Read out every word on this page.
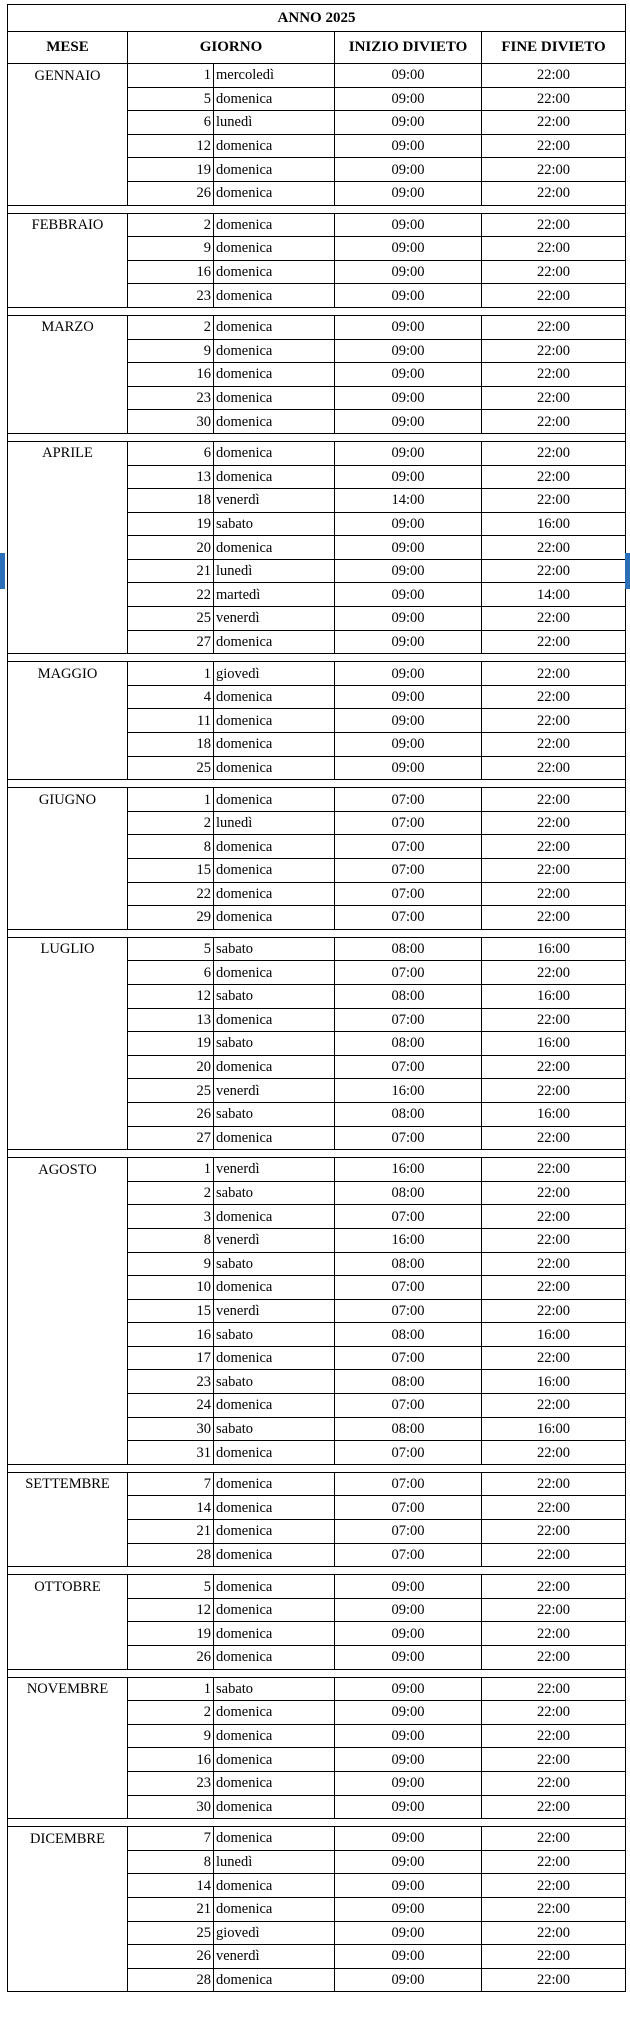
ANNO 2025				
MESE	GIORNO		INIZIO DIVIETO	FINE DIVIETO
GENNAIO	1	mercoledì	09:00	22:00
	5	domenica	09:00	22:00
	6	lunedì	09:00	22:00
	12	domenica	09:00	22:00
	19	domenica	09:00	22:00
	26	domenica	09:00	22:00

FEBBRAIO	2	domenica	09:00	22:00
	9	domenica	09:00	22:00
	16	domenica	09:00	22:00
	23	domenica	09:00	22:00

MARZO	2	domenica	09:00	22:00
	9	domenica	09:00	22:00
	16	domenica	09:00	22:00
	23	domenica	09:00	22:00
	30	domenica	09:00	22:00

APRILE	6	domenica	09:00	22:00
	13	domenica	09:00	22:00
	18	venerdì	14:00	22:00
	19	sabato	09:00	16:00
	20	domenica	09:00	22:00
	21	lunedì	09:00	22:00
	22	martedì	09:00	14:00
	25	venerdì	09:00	22:00
	27	domenica	09:00	22:00

MAGGIO	1	giovedì	09:00	22:00
	4	domenica	09:00	22:00
	11	domenica	09:00	22:00
	18	domenica	09:00	22:00
	25	domenica	09:00	22:00

GIUGNO	1	domenica	07:00	22:00
	2	lunedì	07:00	22:00
	8	domenica	07:00	22:00
	15	domenica	07:00	22:00
	22	domenica	07:00	22:00
	29	domenica	07:00	22:00

LUGLIO	5	sabato	08:00	16:00
	6	domenica	07:00	22:00
	12	sabato	08:00	16:00
	13	domenica	07:00	22:00
	19	sabato	08:00	16:00
	20	domenica	07:00	22:00
	25	venerdì	16:00	22:00
	26	sabato	08:00	16:00
	27	domenica	07:00	22:00

AGOSTO	1	venerdì	16:00	22:00
	2	sabato	08:00	22:00
	3	domenica	07:00	22:00
	8	venerdì	16:00	22:00
	9	sabato	08:00	22:00
	10	domenica	07:00	22:00
	15	venerdì	07:00	22:00
	16	sabato	08:00	16:00
	17	domenica	07:00	22:00
	23	sabato	08:00	16:00
	24	domenica	07:00	22:00
	30	sabato	08:00	16:00
	31	domenica	07:00	22:00

SETTEMBRE	7	domenica	07:00	22:00
	14	domenica	07:00	22:00
	21	domenica	07:00	22:00
	28	domenica	07:00	22:00

OTTOBRE	5	domenica	09:00	22:00
	12	domenica	09:00	22:00
	19	domenica	09:00	22:00
	26	domenica	09:00	22:00

NOVEMBRE	1	sabato	09:00	22:00
	2	domenica	09:00	22:00
	9	domenica	09:00	22:00
	16	domenica	09:00	22:00
	23	domenica	09:00	22:00
	30	domenica	09:00	22:00

DICEMBRE	7	domenica	09:00	22:00
	8	lunedì	09:00	22:00
	14	domenica	09:00	22:00
	21	domenica	09:00	22:00
	25	giovedì	09:00	22:00
	26	venerdì	09:00	22:00
	28	domenica	09:00	22:00
